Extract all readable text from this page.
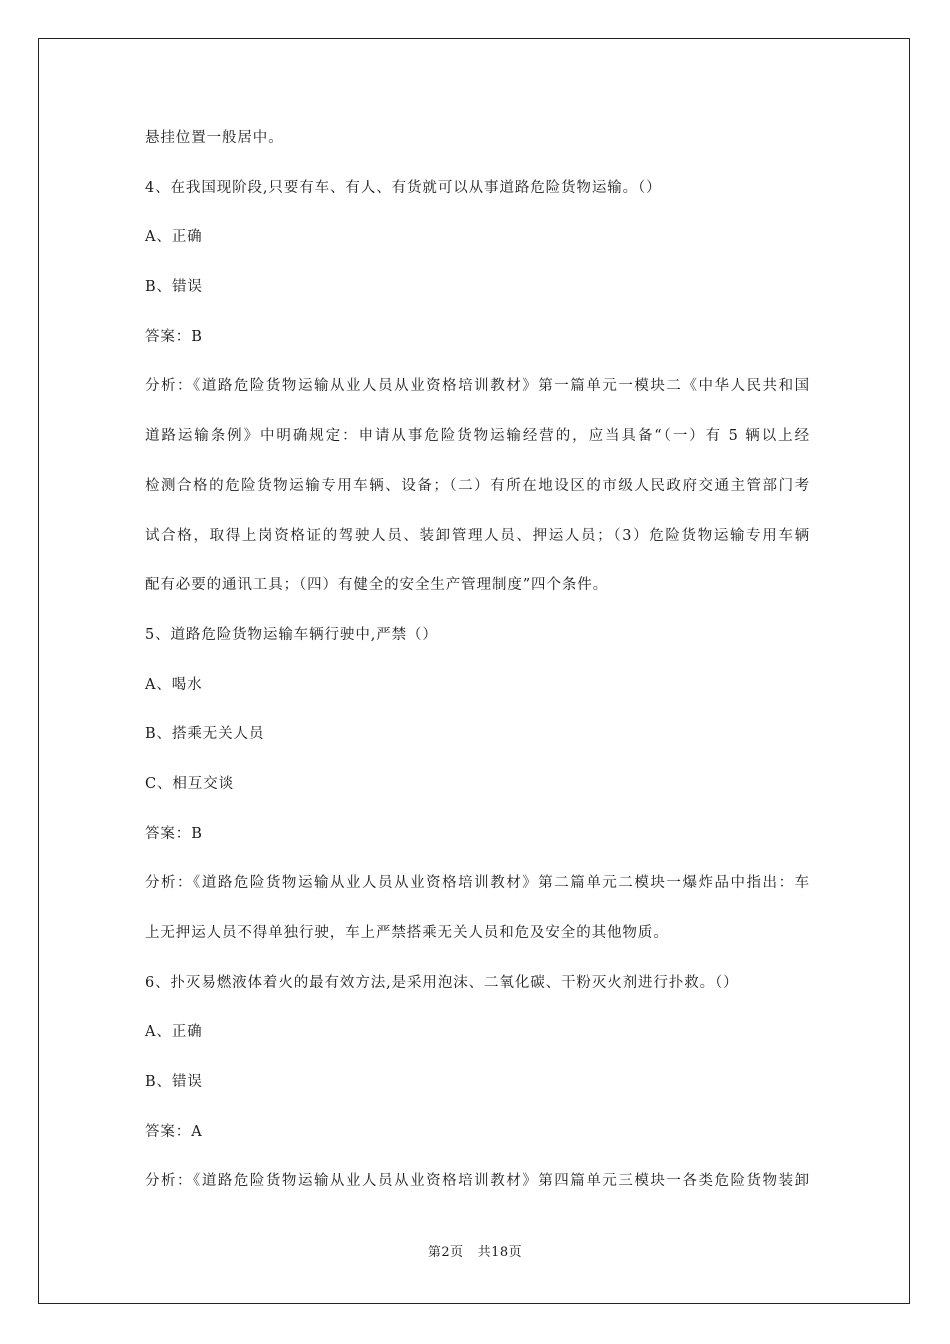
悬挂位置一般居中。
4、在我国现阶段,只要有车、有人、有货就可以从事道路危险货物运输。（）
A、正确
B、错误
答案：B
分析：《道路危险货物运输从业人员从业资格培训教材》第一篇单元一模块二《中华人民共和国
道路运输条例》中明确规定：申请从事危险货物运输经营的，应当具备“（一）有 5 辆以上经
检测合格的危险货物运输专用车辆、设备；（二）有所在地设区的市级人民政府交通主管部门考
试合格，取得上岗资格证的驾驶人员、装卸管理人员、押运人员；（3）危险货物运输专用车辆
配有必要的通讯工具；（四）有健全的安全生产管理制度”四个条件。
5、道路危险货物运输车辆行驶中,严禁（）
A、喝水
B、搭乘无关人员
C、相互交谈
答案：B
分析：《道路危险货物运输从业人员从业资格培训教材》第二篇单元二模块一爆炸品中指出：车
上无押运人员不得单独行驶，车上严禁搭乘无关人员和危及安全的其他物质。
6、扑灭易燃液体着火的最有效方法,是采用泡沫、二氧化碳、干粉灭火剂进行扑救。（）
A、正确
B、错误
答案：A
分析：《道路危险货物运输从业人员从业资格培训教材》第四篇单元三模块一各类危险货物装卸
第2页 共18页
